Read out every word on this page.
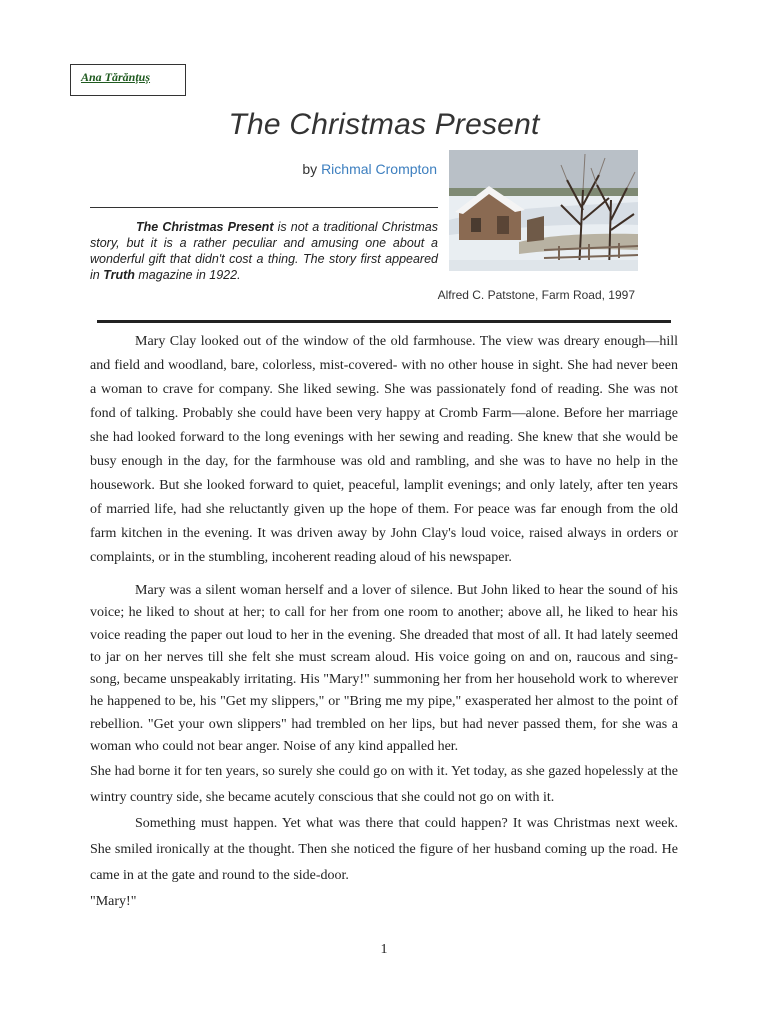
Ana Tărănțuș
The Christmas Present
by Richmal Crompton
The Christmas Present is not a traditional Christmas story, but it is a rather peculiar and amusing one about a wonderful gift that didn't cost a thing. The story first appeared in Truth magazine in 1922.
Alfred C. Patstone, Farm Road, 1997

Mary Clay looked out of the window of the old farmhouse. The view was dreary enough—hill and field and woodland, bare, colorless, mist-covered- with no other house in sight. She had never been a woman to crave for company. She liked sewing. She was passionately fond of reading. She was not fond of talking. Probably she could have been very happy at Cromb Farm—alone. Before her marriage she had looked forward to the long evenings with her sewing and reading. She knew that she would be busy enough in the day, for the farmhouse was old and rambling, and she was to have no help in the housework. But she looked forward to quiet, peaceful, lamplit evenings; and only lately, after ten years of married life, had she reluctantly given up the hope of them. For peace was far enough from the old farm kitchen in the evening. It was driven away by John Clay's loud voice, raised always in orders or complaints, or in the stumbling, incoherent reading aloud of his newspaper.

Mary was a silent woman herself and a lover of silence. But John liked to hear the sound of his voice; he liked to shout at her; to call for her from one room to another; above all, he liked to hear his voice reading the paper out loud to her in the evening. She dreaded that most of all. It had lately seemed to jar on her nerves till she felt she must scream aloud. His voice going on and on, raucous and sing-song, became unspeakably irritating. His "Mary!" summoning her from her household work to wherever he happened to be, his "Get my slippers," or "Bring me my pipe," exasperated her almost to the point of rebellion. "Get your own slippers" had trembled on her lips, but had never passed them, for she was a woman who could not bear anger. Noise of any kind appalled her.

She had borne it for ten years, so surely she could go on with it. Yet today, as she gazed hopelessly at the wintry country side, she became acutely conscious that she could not go on with it.

Something must happen. Yet what was there that could happen? It was Christmas next week. She smiled ironically at the thought. Then she noticed the figure of her husband coming up the road. He came in at the gate and round to the side-door.

"Mary!"

1
